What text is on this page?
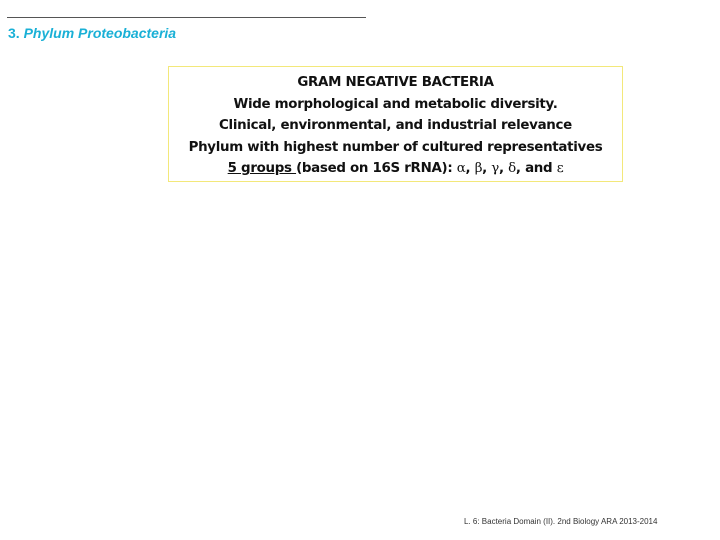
3. Phylum Proteobacteria
GRAM NEGATIVE BACTERIA
Wide morphological and metabolic diversity.
Clinical, environmental, and industrial relevance
Phylum with highest number of cultured representatives
5 groups (based on 16S rRNA): α, β, γ, δ, and ε
L. 6: Bacteria Domain (II). 2nd Biology ARA 2013-2014
